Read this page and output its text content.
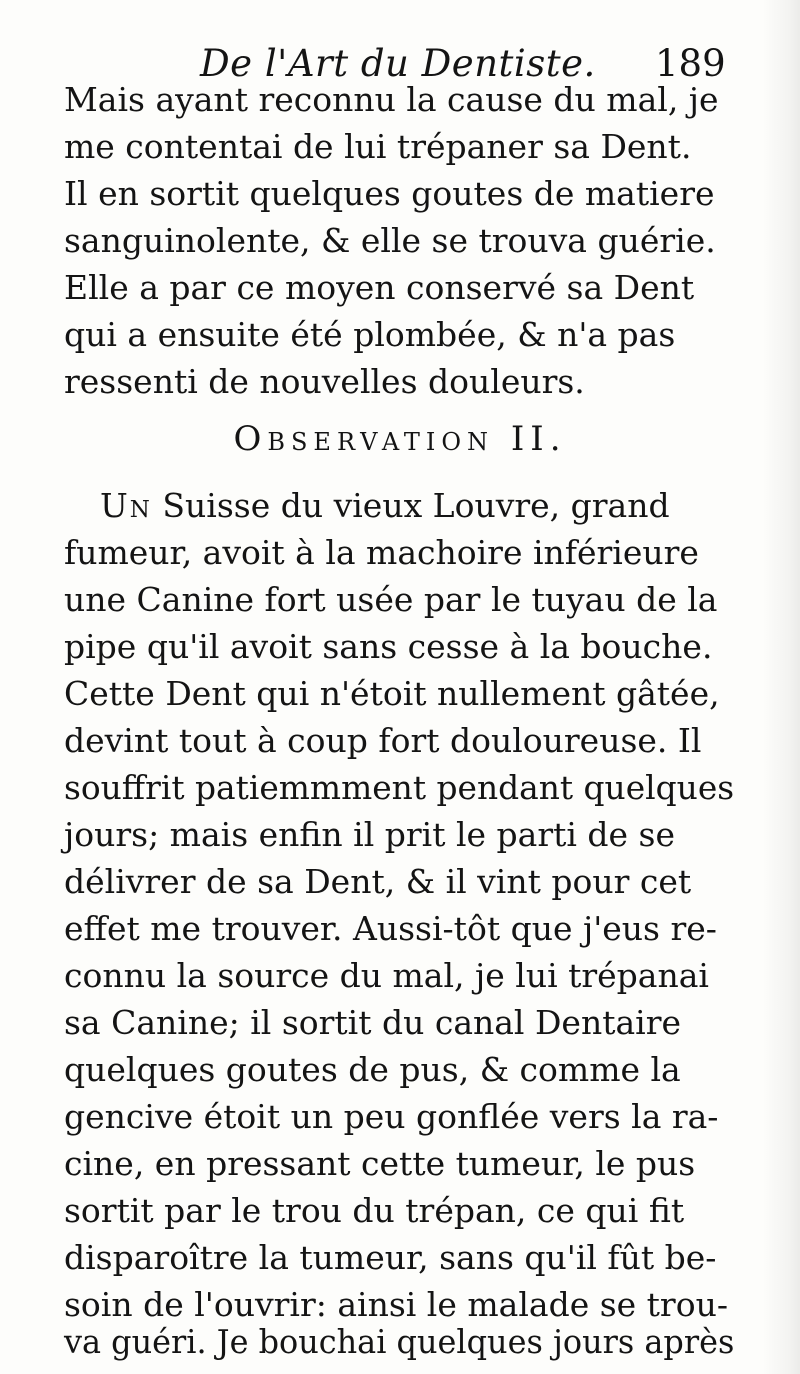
De l'Art du Dentiste. 189
Mais ayant reconnu la cause du mal, je
me contentai de lui trépaner sa Dent.
Il en sortit quelques goutes de matiere
sanguinolente, & elle se trouva guérie.
Elle a par ce moyen conservé sa Dent
qui a ensuite été plombée, & n'a pas
ressenti de nouvelles douleurs.
Observation II.
Un Suisse du vieux Louvre, grand
fumeur, avoit à la machoire inférieure
une Canine fort usée par le tuyau de la
pipe qu'il avoit sans cesse à la bouche.
Cette Dent qui n'étoit nullement gâtée,
devint tout à coup fort douloureuse. Il
souffrit patiemmment pendant quelques
jours; mais enfin il prit le parti de se
délivrer de sa Dent, & il vint pour cet
effet me trouver. Aussi-tôt que j'eus re-
connu la source du mal, je lui trépanai
sa Canine; il sortit du canal Dentaire
quelques goutes de pus, & comme la
gencive étoit un peu gonflée vers la ra-
cine, en pressant cette tumeur, le pus
sortit par le trou du trépan, ce qui fit
disparoître la tumeur, sans qu'il fût be-
soin de l'ouvrir: ainsi le malade se trou-
va guéri. Je bouchai quelques jours après
